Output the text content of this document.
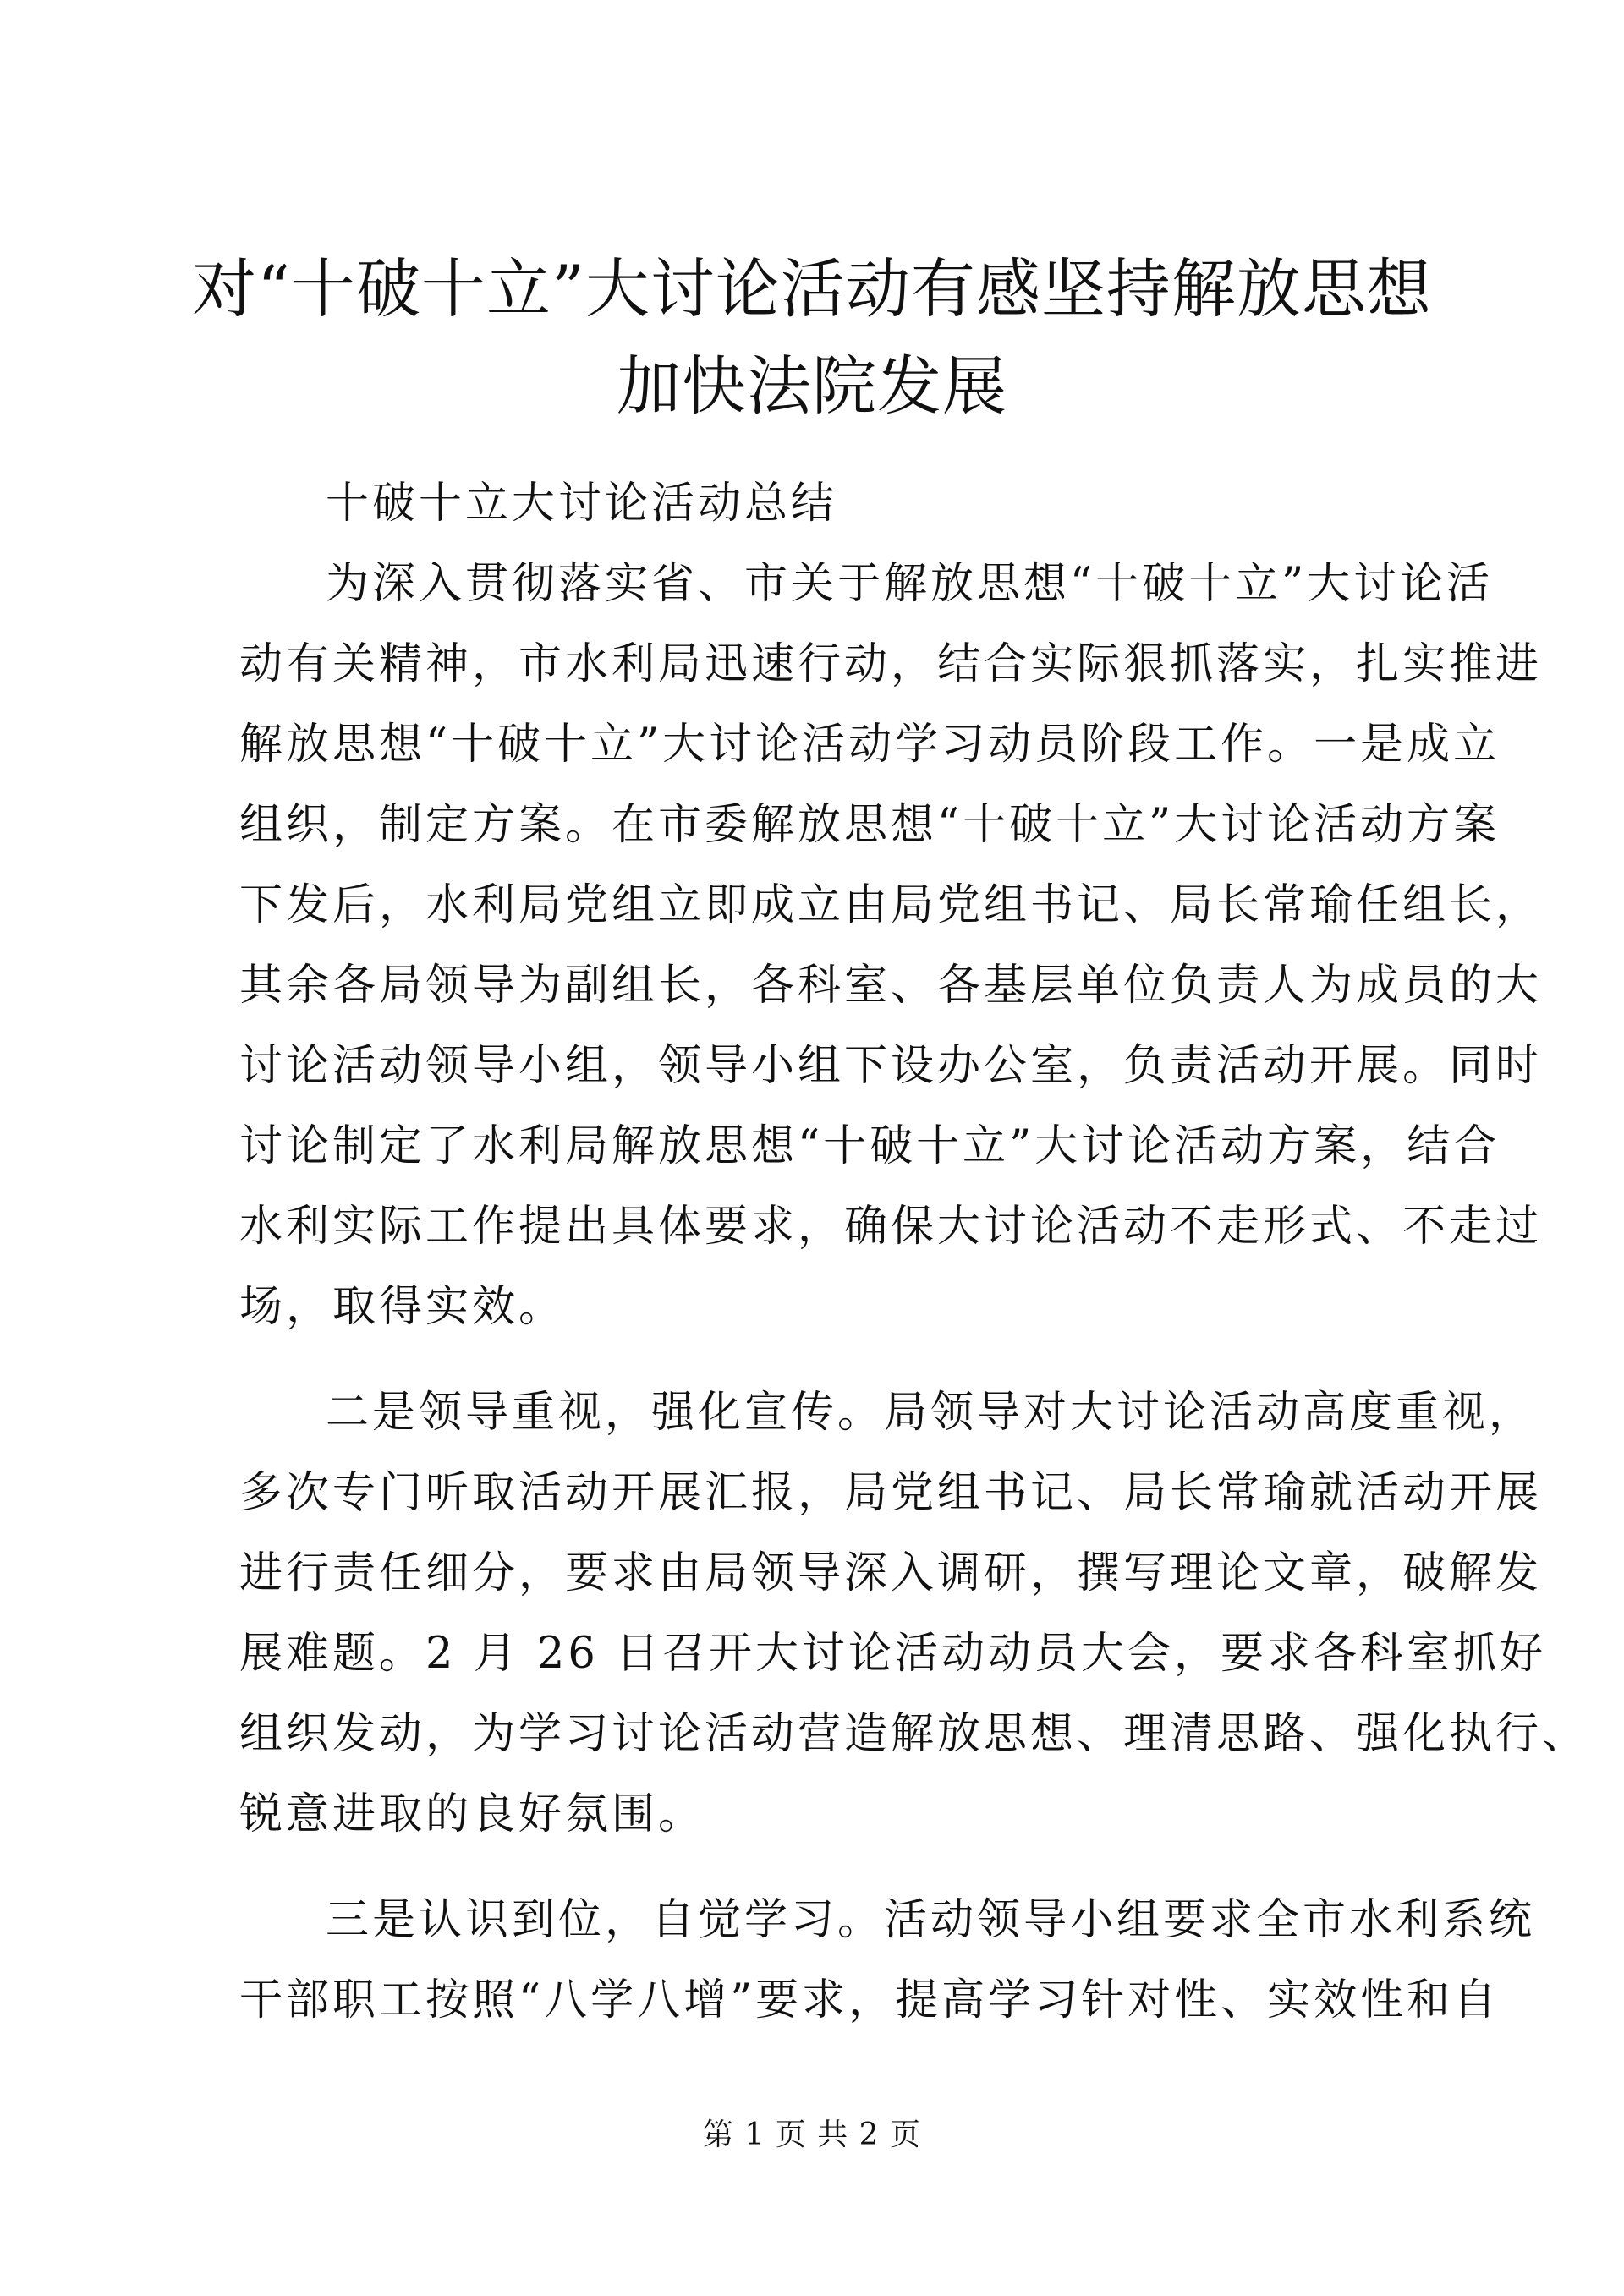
对“十破十立”大讨论活动有感坚持解放思想
加快法院发展

十破十立大讨论活动总结

为深入贯彻落实省、市关于解放思想“十破十立”大讨论活
动有关精神，市水利局迅速行动，结合实际狠抓落实，扎实推进
解放思想“十破十立”大讨论活动学习动员阶段工作。一是成立
组织，制定方案。在市委解放思想“十破十立”大讨论活动方案
下发后，水利局党组立即成立由局党组书记、局长常瑜任组长，
其余各局领导为副组长，各科室、各基层单位负责人为成员的大
讨论活动领导小组，领导小组下设办公室，负责活动开展。同时
讨论制定了水利局解放思想“十破十立”大讨论活动方案，结合
水利实际工作提出具体要求，确保大讨论活动不走形式、不走过
场，取得实效。

二是领导重视，强化宣传。局领导对大讨论活动高度重视，
多次专门听取活动开展汇报，局党组书记、局长常瑜就活动开展
进行责任细分，要求由局领导深入调研，撰写理论文章，破解发
展难题。2 月 26 日召开大讨论活动动员大会，要求各科室抓好
组织发动，为学习讨论活动营造解放思想、理清思路、强化执行、
锐意进取的良好氛围。

三是认识到位，自觉学习。活动领导小组要求全市水利系统
干部职工按照“八学八增”要求，提高学习针对性、实效性和自

第 1 页 共 2 页
